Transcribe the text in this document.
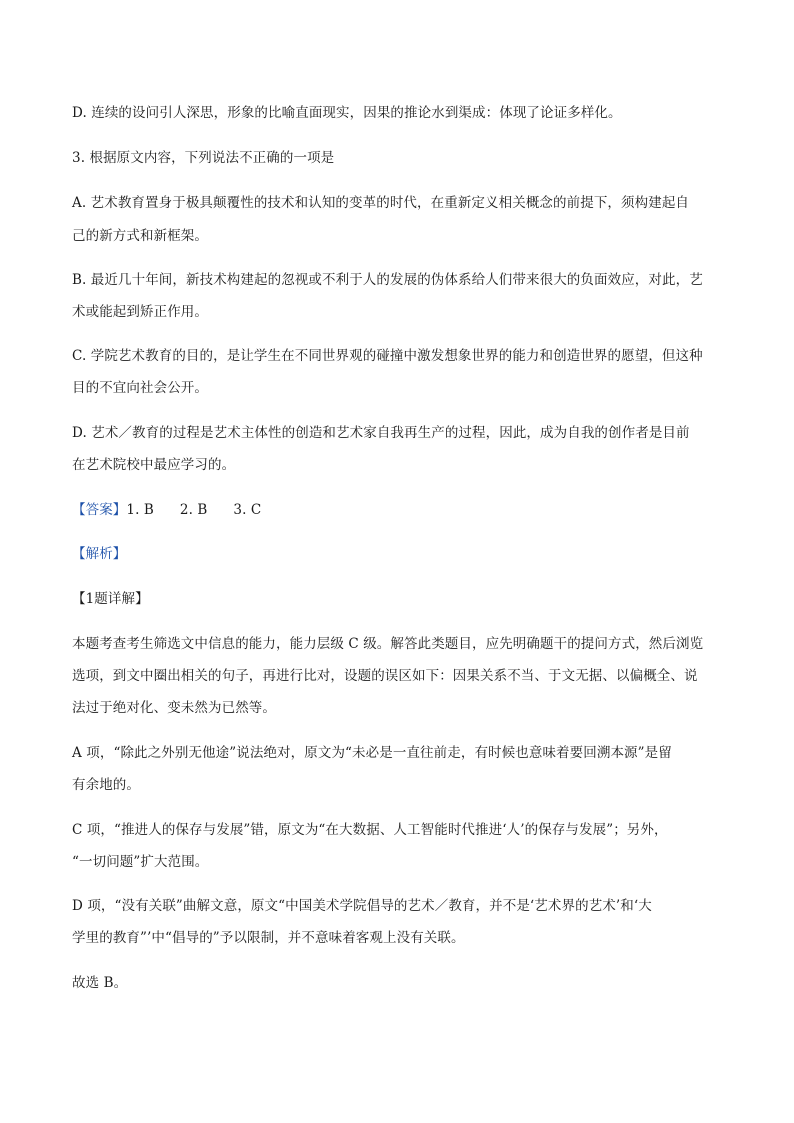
D. 连续的设问引人深思，形象的比喻直面现实，因果的推论水到渠成：体现了论证多样化。
3. 根据原文内容，下列说法不正确的一项是
A. 艺术教育置身于极具颠覆性的技术和认知的变革的时代，在重新定义相关概念的前提下，须构建起自
己的新方式和新框架。
B. 最近几十年间，新技术构建起的忽视或不利于人的发展的伪体系给人们带来很大的负面效应，对此，艺
术或能起到矫正作用。
C. 学院艺术教育的目的，是让学生在不同世界观的碰撞中激发想象世界的能力和创造世界的愿望，但这种
目的不宜向社会公开。
D. 艺术／教育的过程是艺术主体性的创造和艺术家自我再生产的过程，因此，成为自我的创作者是目前
在艺术院校中最应学习的。
【答案】1. B 2. B 3. C
【解析】
【1题详解】
本题考查考生筛选文中信息的能力，能力层级 C 级。解答此类题目，应先明确题干的提问方式，然后浏览
选项，到文中圈出相关的句子，再进行比对，设题的误区如下：因果关系不当、于文无据、以偏概全、说
法过于绝对化、变未然为已然等。
A 项，“除此之外别无他途”说法绝对，原文为“未必是一直往前走，有时候也意味着要回溯本源”是留
有余地的。
C 项，“推进人的保存与发展”错，原文为“在大数据、人工智能时代推进‘人’的保存与发展”；另外，
“一切问题”扩大范围。
D 项，“没有关联”曲解文意，原文“中国美术学院倡导的艺术／教育，并不是‘艺术界的艺术’和‘大
学里的教育”’中“倡导的”予以限制，并不意味着客观上没有关联。
故选 B。
